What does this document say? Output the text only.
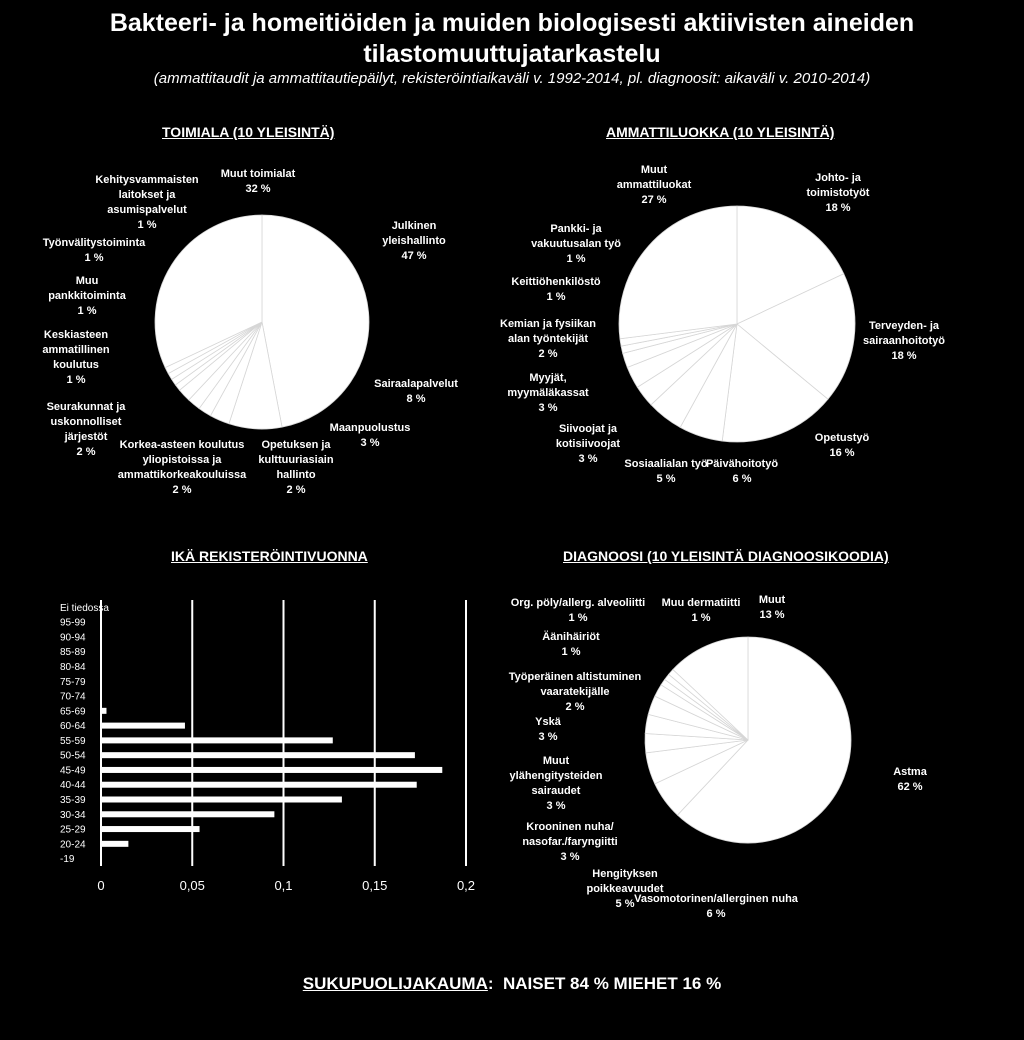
Bakteeri- ja homeitiöiden ja muiden biologisesti aktiivisten aineiden tilastomuuttujatarkastelu
(ammattitaudit ja ammattitautiepäilyt, rekisteröintiaikaväli v. 1992-2014, pl. diagnoosit: aikaväli v. 2010-2014)
TOIMIALA (10 YLEISINTÄ)	AMMATTILUOKKA (10 YLEISINTÄ)
IKÄ REKISTERÖINTIVUONNA	DIAGNOOSI (10 YLEISINTÄ DIAGNOOSIKOODIA)
Julkinen yleishallinto 47 %
Sairaalapalvelut 8 %
Maanpuolustus 3 %
Opetuksen ja kulttuuriasiain hallinto 2 %
Korkea-asteen koulutus yliopistoissa ja ammattikorkeakouluissa 2 %
Seurakunnat ja uskonnolliset järjestöt 2 %
Keskiasteen ammatillinen koulutus 1 %
Muu pankkitoiminta 1 %
Työnvälitystoiminta 1 %
Kehitysvammaisten laitokset ja asumispalvelut 1 %
Muut toimialat 32 %
Johto- ja toimistotyöt 18 %
Terveyden- ja sairaanhoitotyö 18 %
Opetustyö 16 %
Päivähoitotyö 6 %
Sosiaalialan työ 5 %
Siivoojat ja kotisiivoojat 3 %
Myyjät, myymäläkassat 3 %
Kemian ja fysiikan alan työntekijät 2 %
Keittiöhenkilöstö 1 %
Pankki- ja vakuutusalan työ 1 %
Muut ammattiluokat 27 %
Astma 62 %
Vasomotorinen/allerginen nuha 6 %
Hengityksen poikkeavuudet 5 %
Krooninen nuha/ nasofar./faryngiitti 3 %
Muut ylähengitysteiden sairaudet 3 %
Yskä 3 %
Työperäinen altistuminen vaaratekijälle 2 %
Äänihäiriöt 1 %
Org. pöly/allerg. alveoliitti 1 %
Muu dermatiitti 1 %
Muut 13 %
0	0,05	0,1	0,15	0,2
Ei tiedossa
95-99
90-94
85-89
80-84
75-79
70-74
65-69
60-64
55-59
50-54
45-49
40-44
35-39
30-34
25-29
20-24
-19
SUKUPUOLIJAKAUMA: NAISET 84 % MIEHET 16 %
